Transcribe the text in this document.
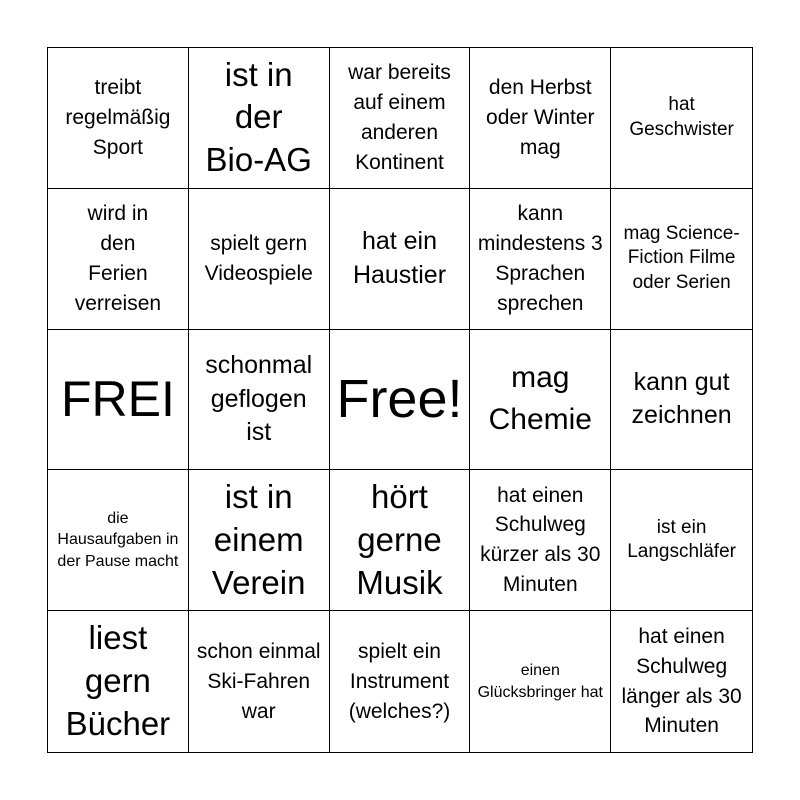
treibt regelmäßig Sport
ist in der Bio-AG
war bereits auf einem anderen Kontinent
den Herbst oder Winter mag
hat Geschwister
wird in den Ferien verreisen
spielt gern Videospiele
hat ein Haustier
kann mindestens 3 Sprachen sprechen
mag Science-Fiction Filme oder Serien
FREI
schonmal geflogen ist
Free!	mag Chemie
kann gut zeichnen
die Hausaufgaben in der Pause macht
ist in einem Verein
hört gerne Musik
hat einen Schulweg kürzer als 30 Minuten
ist ein Langschläfer
liest gern Bücher
schon einmal Ski-Fahren war
spielt ein Instrument (welches?)
einen Glücksbringer hat
hat einen Schulweg länger als 30 Minuten
